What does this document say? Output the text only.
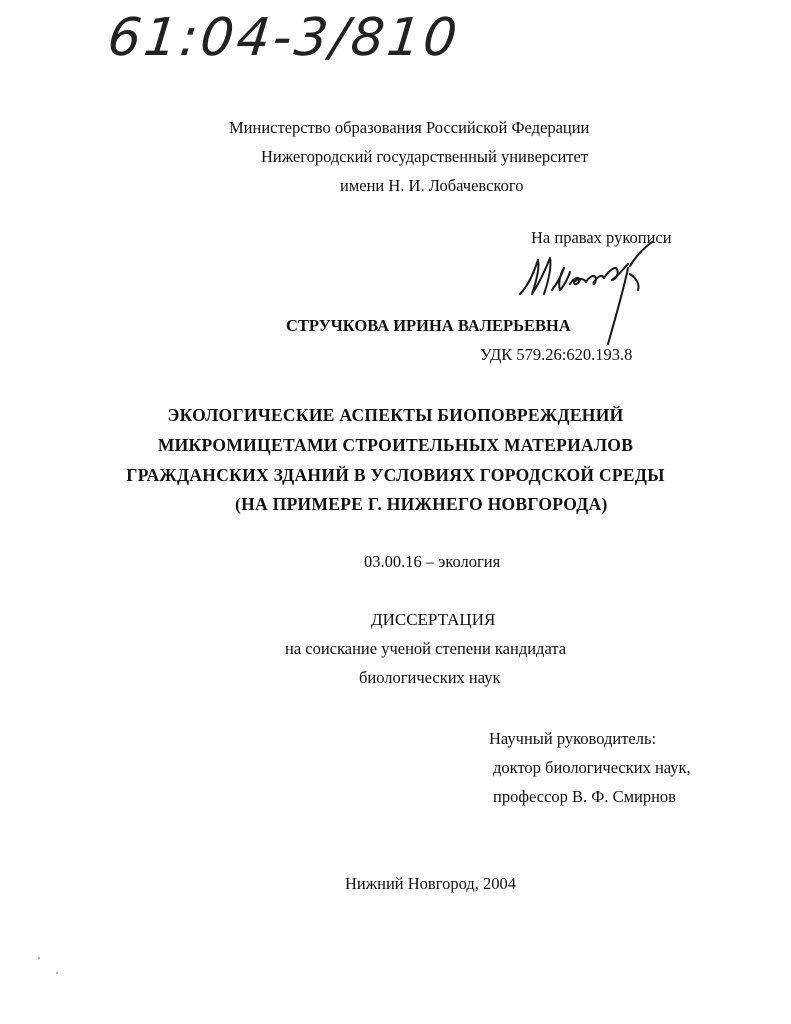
61:04-3/810
Министерство образования Российской Федерации
Нижегородский государственный университет
имени Н. И. Лобачевского
На правах рукописи
СТРУЧКОВА ИРИНА ВАЛЕРЬЕВНА
УДК 579.26:620.193.8
ЭКОЛОГИЧЕСКИЕ АСПЕКТЫ БИОПОВРЕЖДЕНИЙ
МИКРОМИЦЕТАМИ СТРОИТЕЛЬНЫХ МАТЕРИАЛОВ
ГРАЖДАНСКИХ ЗДАНИЙ В УСЛОВИЯХ ГОРОДСКОЙ СРЕДЫ
(НА ПРИМЕРЕ Г. НИЖНЕГО НОВГОРОДА)
03.00.16 – экология
ДИССЕРТАЦИЯ
на соискание ученой степени кандидата
биологических наук
Научный руководитель:
доктор биологических наук,
профессор В. Ф. Смирнов
Нижний Новгород, 2004
